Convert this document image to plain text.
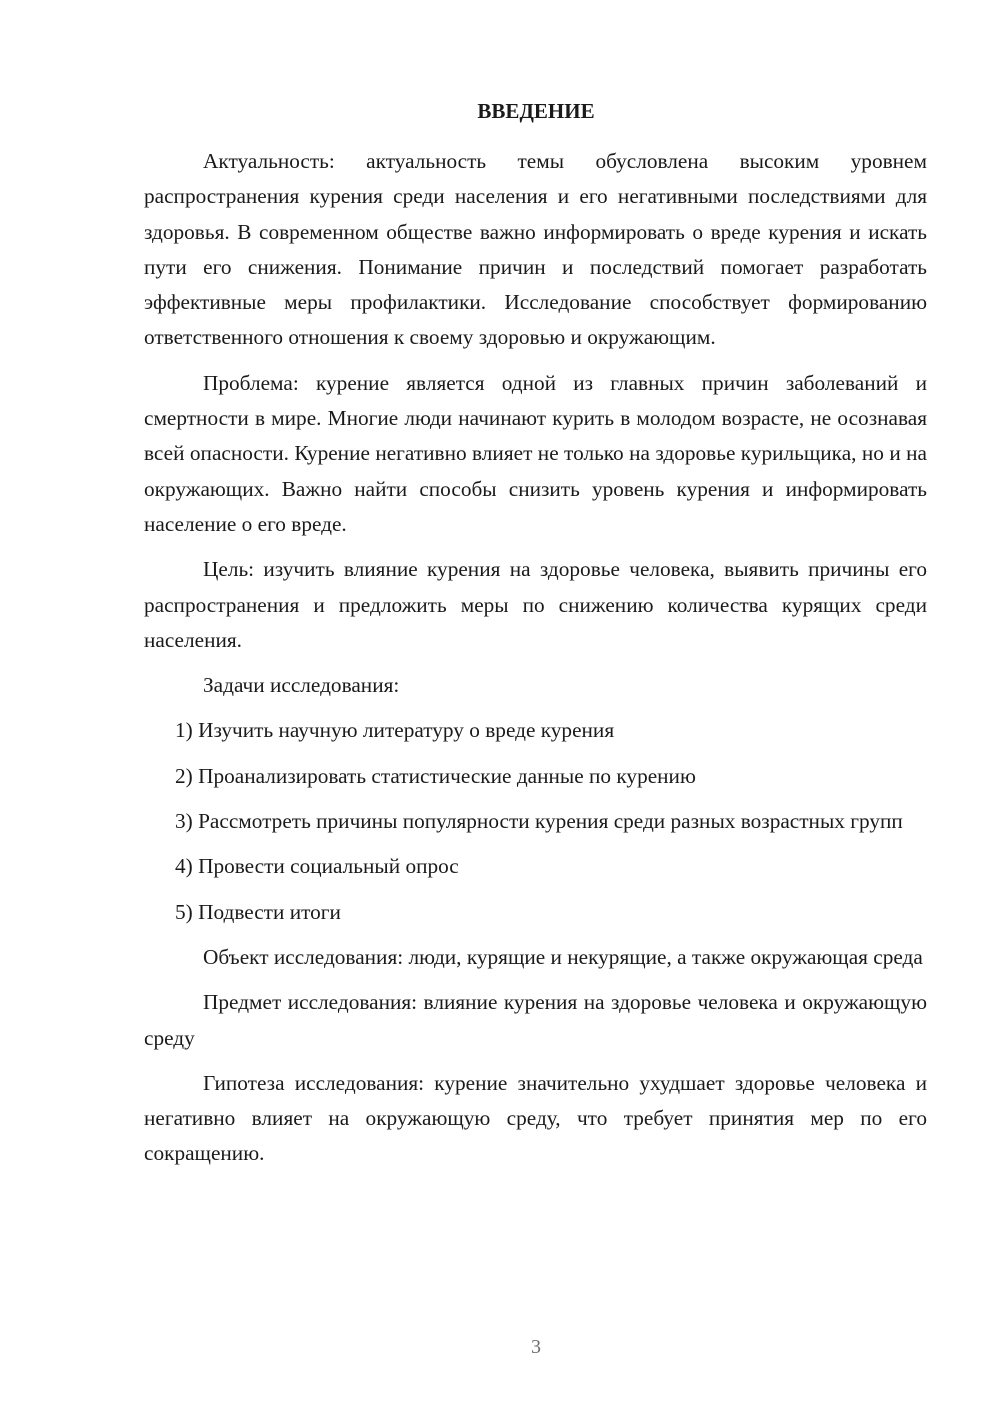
ВВЕДЕНИЕ

Актуальность: актуальность темы обусловлена высоким уровнем распространения курения среди населения и его негативными последствиями для здоровья. В современном обществе важно информировать о вреде курения и искать пути его снижения. Понимание причин и последствий помогает разработать эффективные меры профилактики. Исследование способствует формированию ответственного отношения к своему здоровью и окружающим.

Проблема: курение является одной из главных причин заболеваний и смертности в мире. Многие люди начинают курить в молодом возрасте, не осознавая всей опасности. Курение негативно влияет не только на здоровье курильщика, но и на окружающих. Важно найти способы снизить уровень курения и информировать население о его вреде.

Цель: изучить влияние курения на здоровье человека, выявить причины его распространения и предложить меры по снижению количества курящих среди населения.

Задачи исследования:

1) Изучить научную литературу о вреде курения

2) Проанализировать статистические данные по курению

3) Рассмотреть причины популярности курения среди разных возрастных групп

4) Провести социальный опрос

5) Подвести итоги

Объект исследования: люди, курящие и некурящие, а также окружающая среда

Предмет исследования: влияние курения на здоровье человека и окружающую среду

Гипотеза исследования: курение значительно ухудшает здоровье человека и негативно влияет на окружающую среду, что требует принятия мер по его сокращению.

3
